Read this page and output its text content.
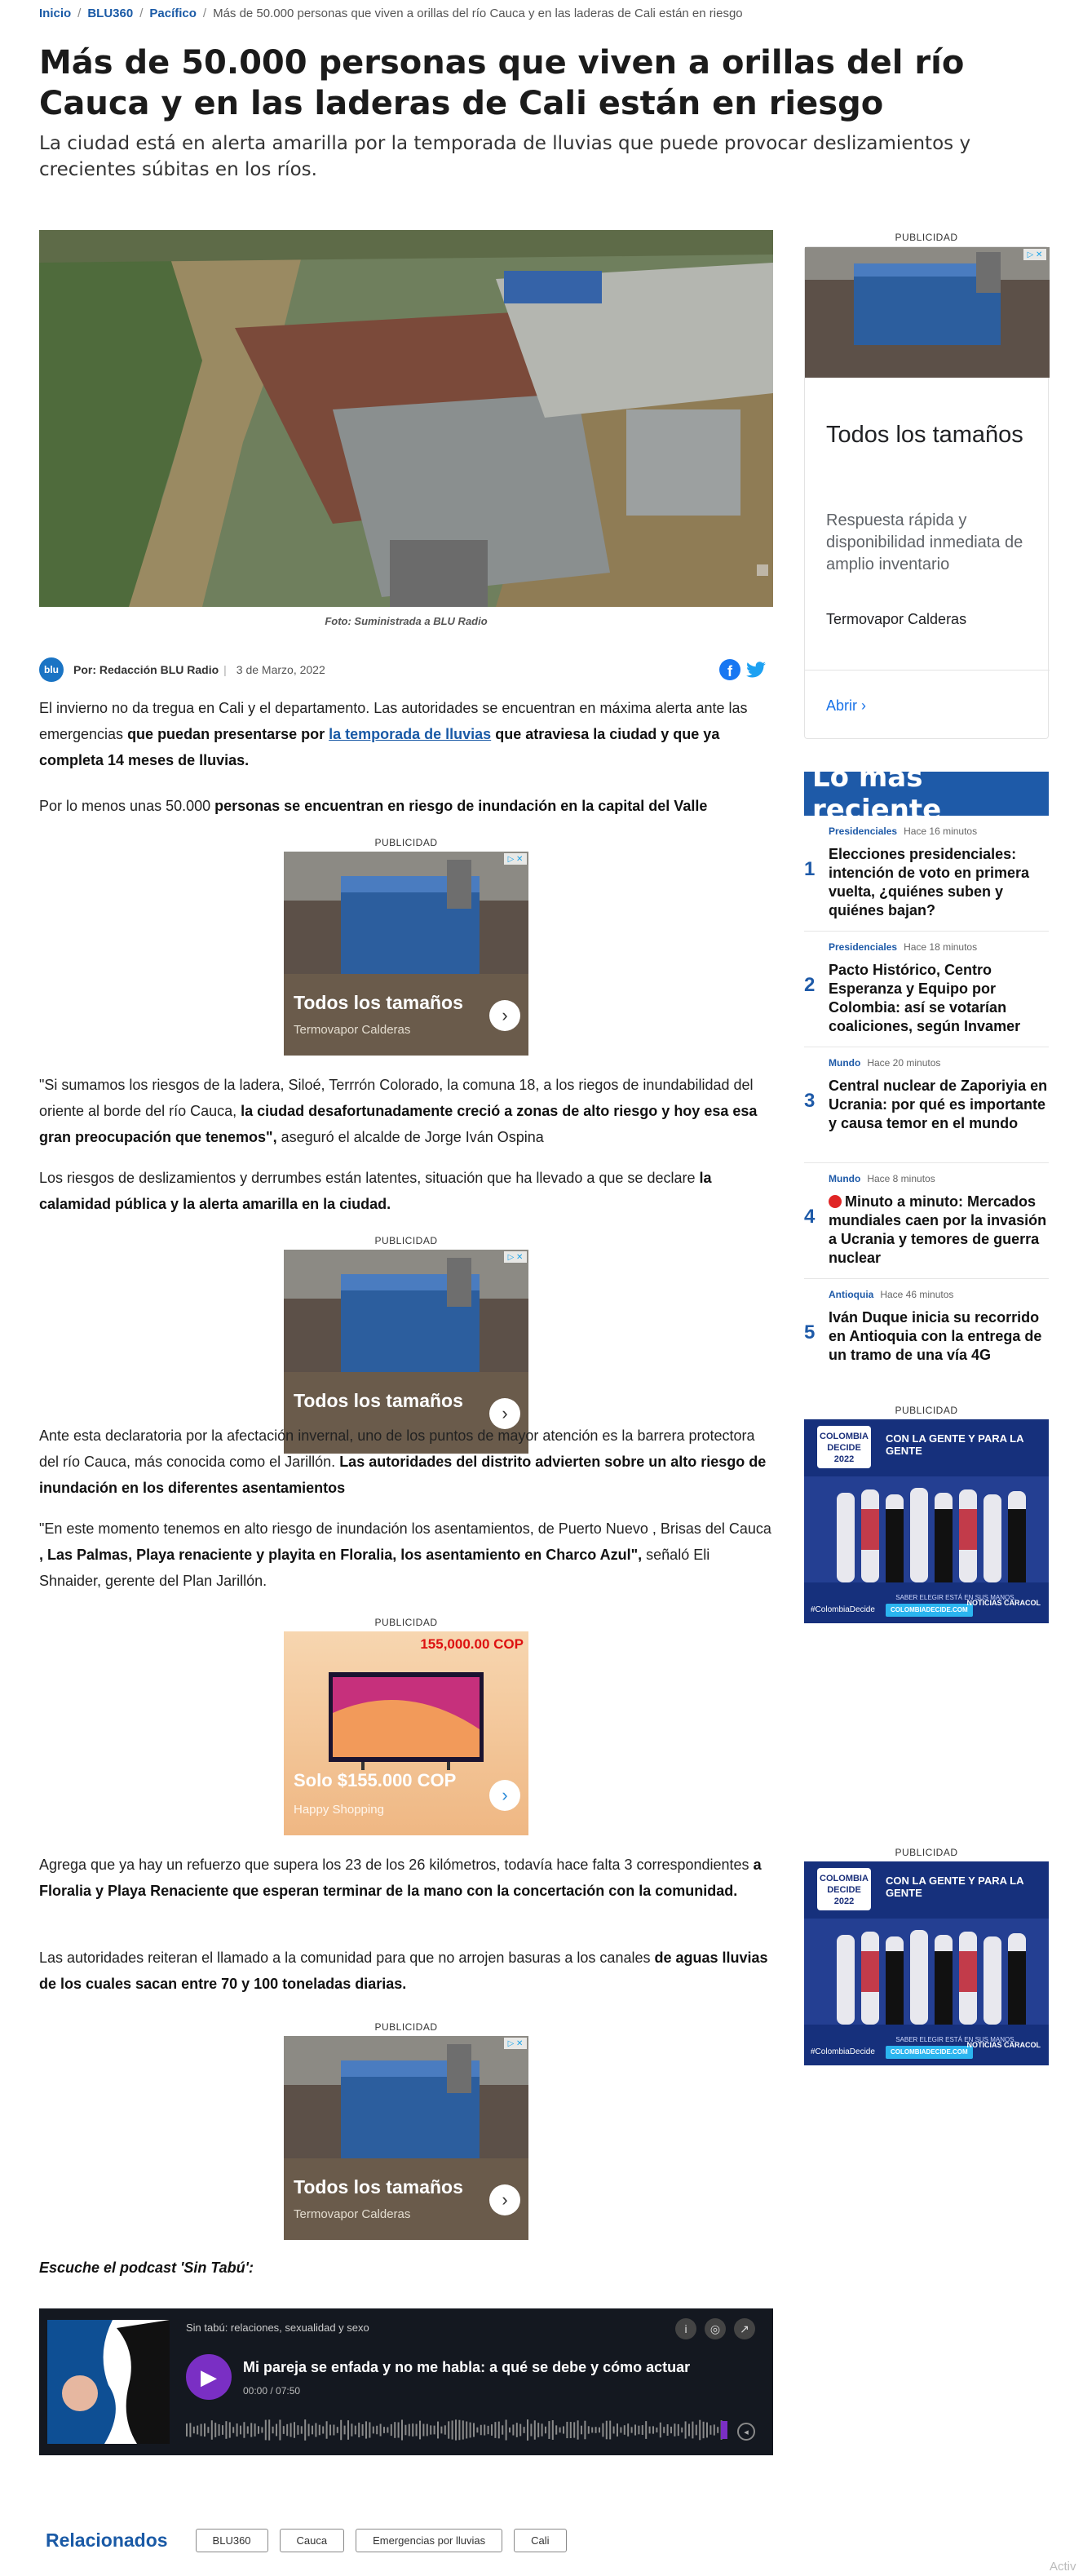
Inicio / BLU360 / Pacífico / Más de 50.000 personas que viven a orillas del río Cauca y en las laderas de Cali están en riesgo
Más de 50.000 personas que viven a orillas del río Cauca y en las laderas de Cali están en riesgo

La ciudad está en alerta amarilla por la temporada de lluvias que puede provocar deslizamientos y crecientes súbitas en los ríos.

Foto: Suministrada a BLU Radio
blu	Por: Redacción BLU Radio | 3 de Marzo, 2022	f

El invierno no da tregua en Cali y el departamento. Las autoridades se encuentran en máxima alerta ante las emergencias que puedan presentarse por la temporada de lluvias que atraviesa la ciudad y que ya completa 14 meses de lluvias.

Por lo menos unas 50.000 personas se encuentran en riesgo de inundación en la capital del Valle

PUBLICIDAD
▷ ✕
Todos los tamaños
Termovapor Calderas
›

"Si sumamos los riesgos de la ladera, Siloé, Terrrón Colorado, la comuna 18, a los riegos de inundabilidad del oriente al borde del río Cauca, la ciudad desafortunadamente creció a zonas de alto riesgo y hoy esa esa gran preocupación que tenemos", aseguró el alcalde de Jorge Iván Ospina

Los riesgos de deslizamientos y derrumbes están latentes, situación que ha llevado a que se declare la calamidad pública y la alerta amarilla en la ciudad.

PUBLICIDAD
▷ ✕
Todos los tamaños
›

Ante esta declaratoria por la afectación invernal, uno de los puntos de mayor atención es la barrera protectora del río Cauca, más conocida como el Jarillón. Las autoridades del distrito advierten sobre un alto riesgo de inundación en los diferentes asentamientos

"En este momento tenemos en alto riesgo de inundación los asentamientos, de Puerto Nuevo , Brisas del Cauca , Las Palmas, Playa renaciente y playita en Floralia, los asentamiento en Charco Azul", señaló Eli Shnaider, gerente del Plan Jarillón.

PUBLICIDAD
155,000.00 COP
Solo $155.000 COP
Happy Shopping
›

Agrega que ya hay un refuerzo que supera los 23 de los 26 kilómetros, todavía hace falta 3 correspondientes a Floralia y Playa Renaciente que esperan terminar de la mano con la concertación con la comunidad.

Las autoridades reiteran el llamado a la comunidad para que no arrojen basuras a los canales de aguas lluvias de los cuales sacan entre 70 y 100 toneladas diarias.

PUBLICIDAD
▷ ✕
Todos los tamaños
Termovapor Calderas
›
Escuche el podcast 'Sin Tabú':
Sin tabú: relaciones, sexualidad y sexo
▶	Mi pareja se enfada y no me habla: a qué se debe y cómo actuar
00:00 / 07:50
i	◎	↗
◂
Relacionados	BLU360	Cauca	Emergencias por lluvias	Cali
Activ
PUBLICIDAD
▷ ✕
Todos los tamaños
Respuesta rápida y disponibilidad inmediata de amplio inventario
Termovapor Calderas
Abrir ›
Lo más reciente
Presidenciales Hace 16 minutos
1
Elecciones presidenciales: intención de voto en primera vuelta, ¿quiénes suben y quiénes bajan?
Presidenciales Hace 18 minutos
2
Pacto Histórico, Centro Esperanza y Equipo por Colombia: así se votarían coaliciones, según Invamer
Mundo Hace 20 minutos
3
Central nuclear de Zaporiyia en Ucrania: por qué es importante y causa temor en el mundo
Mundo Hace 8 minutos
4
Minuto a minuto: Mercados mundiales caen por la invasión a Ucrania y temores de guerra nuclear
Antioquia Hace 46 minutos
5
Iván Duque inicia su recorrido en Antioquia con la entrega de un tramo de una vía 4G
PUBLICIDAD
COLOMBIA DECIDE 2022
CON LA GENTE Y PARA LA GENTE
SABER ELEGIR ESTÁ EN SUS MANOS.
COLOMBIADECIDE.COM
#ColombiaDecide
NOTICIAS CARACOL
PUBLICIDAD
COLOMBIA DECIDE 2022
CON LA GENTE Y PARA LA GENTE
SABER ELEGIR ESTÁ EN SUS MANOS.
COLOMBIADECIDE.COM
#ColombiaDecide
NOTICIAS CARACOL
